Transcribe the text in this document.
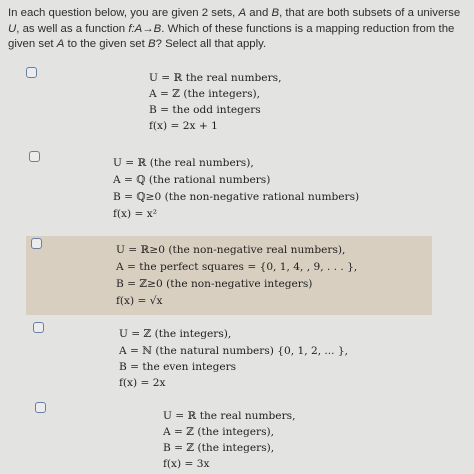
In each question below, you are given 2 sets, A and B, that are both subsets of a universe U, as well as a function f:A→B. Which of these functions is a mapping reduction from the given set A to the given set B? Select all that apply.
U = ℝ the real numbers,
A = ℤ (the integers),
B = the odd integers
f(x) = 2x + 1
U = ℝ (the real numbers),
A = ℚ (the rational numbers)
B = ℚ≥0 (the non-negative rational numbers)
f(x) = x²
U = ℝ≥0 (the non-negative real numbers),
A = the perfect squares = {0, 1, 4, , 9, . . . },
B = ℤ≥0 (the non-negative integers)
f(x) = √x
U = ℤ (the integers),
A = ℕ (the natural numbers) {0, 1, 2, ... },
B = the even integers
f(x) = 2x
U = ℝ the real numbers,
A = ℤ (the integers),
B = ℤ (the integers),
f(x) = 3x
